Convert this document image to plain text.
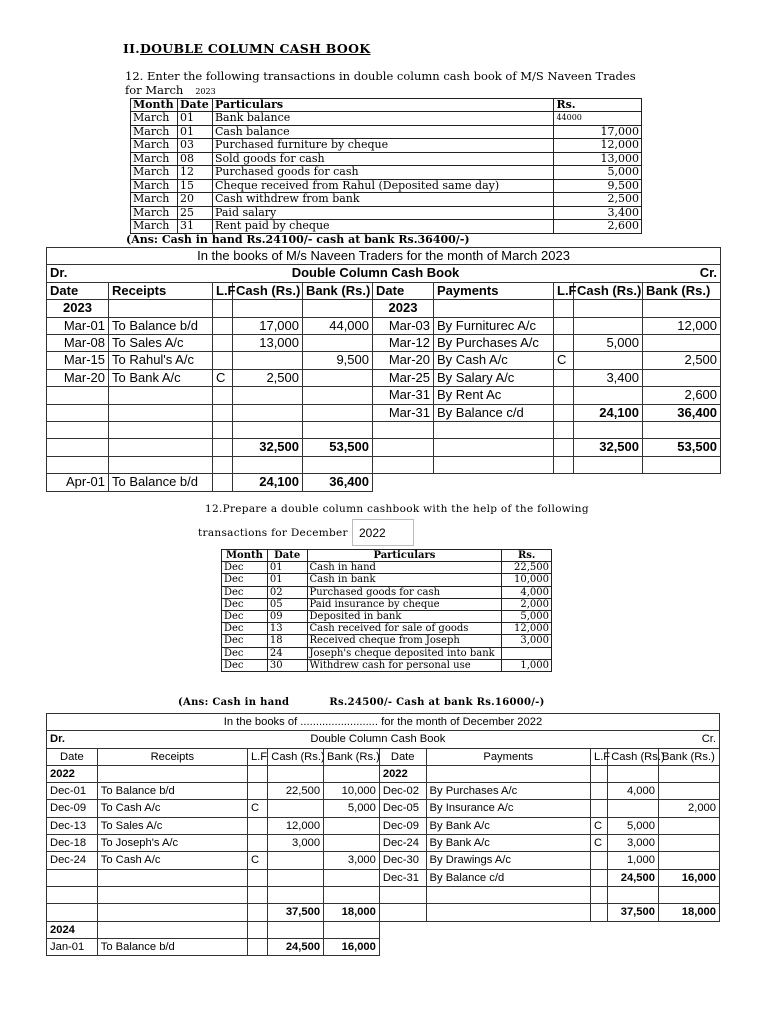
II.DOUBLE COLUMN CASH BOOK
12. Enter the following transactions in double column cash book of M/S Naveen Trades for March 2023
Month	Date	Particulars	Rs.
March	01	Bank balance	44000
March	01	Cash balance	17,000
March	03	Purchased furniture by cheque	12,000
March	08	Sold goods for cash	13,000
March	12	Purchased goods for cash	5,000
March	15	Cheque received from Rahul (Deposited same day)	9,500
March	20	Cash withdrew from bank	2,500
March	25	Paid salary	3,400
March	31	Rent paid by cheque	2,600
(Ans: Cash in hand Rs.24100/- cash at bank Rs.36400/-)
In the books of M/s Naveen Traders for the month of March 2023									
Dr.	Double Column Cash Book								Cr.
Date	Receipts	L.F	Cash (Rs.)	Bank (Rs.)	Date	Payments	L.F	Cash (Rs.)	Bank (Rs.)
2023					2023				
Mar-01	To Balance b/d		17,000	44,000	Mar-03	By Furniturec A/c			12,000
Mar-08	To Sales A/c		13,000		Mar-12	By Purchases A/c		5,000	
Mar-15	To Rahul's A/c			9,500	Mar-20	By Cash A/c	C		2,500
Mar-20	To Bank A/c	C	2,500		Mar-25	By Salary A/c		3,400	
					Mar-31	By Rent Ac			2,600
					Mar-31	By Balance c/d		24,100	36,400

			32,500	53,500				32,500	53,500

Apr-01	To Balance b/d		24,100	36,400					
12.Prepare a double column cashbook with the help of the following
transactions for December 2022
Month	Date	Particulars	Rs.
Dec	01	Cash in hand	22,500
Dec	01	Cash in bank	10,000
Dec	02	Purchased goods for cash	4,000
Dec	05	Paid insurance by cheque	2,000
Dec	09	Deposited in bank	5,000
Dec	13	Cash received for sale of goods	12,000
Dec	18	Received cheque from Joseph	3,000
Dec	24	Joseph's cheque deposited into bank	
Dec	30	Withdrew cash for personal use	1,000
(Ans: Cash in hand	Rs.24500/- Cash at bank Rs.16000/-)
In the books of ......................... for the month of December 2022									
Dr.	Double Column Cash Book								Cr.
Date	Receipts	L.F	Cash (Rs.)	Bank (Rs.)	Date	Payments	L.F	Cash (Rs.)	Bank (Rs.)
2022					2022				
Dec-01	To Balance b/d		22,500	10,000	Dec-02	By Purchases A/c		4,000	
Dec-09	To Cash A/c	C		5,000	Dec-05	By Insurance A/c			2,000
Dec-13	To Sales A/c		12,000		Dec-09	By Bank A/c	C	5,000	
Dec-18	To Joseph's A/c		3,000		Dec-24	By Bank A/c	C	3,000	
Dec-24	To Cash A/c	C		3,000	Dec-30	By Drawings A/c		1,000	
					Dec-31	By Balance c/d		24,500	16,000

			37,500	18,000				37,500	18,000
2024									
Jan-01	To Balance b/d		24,500	16,000					
